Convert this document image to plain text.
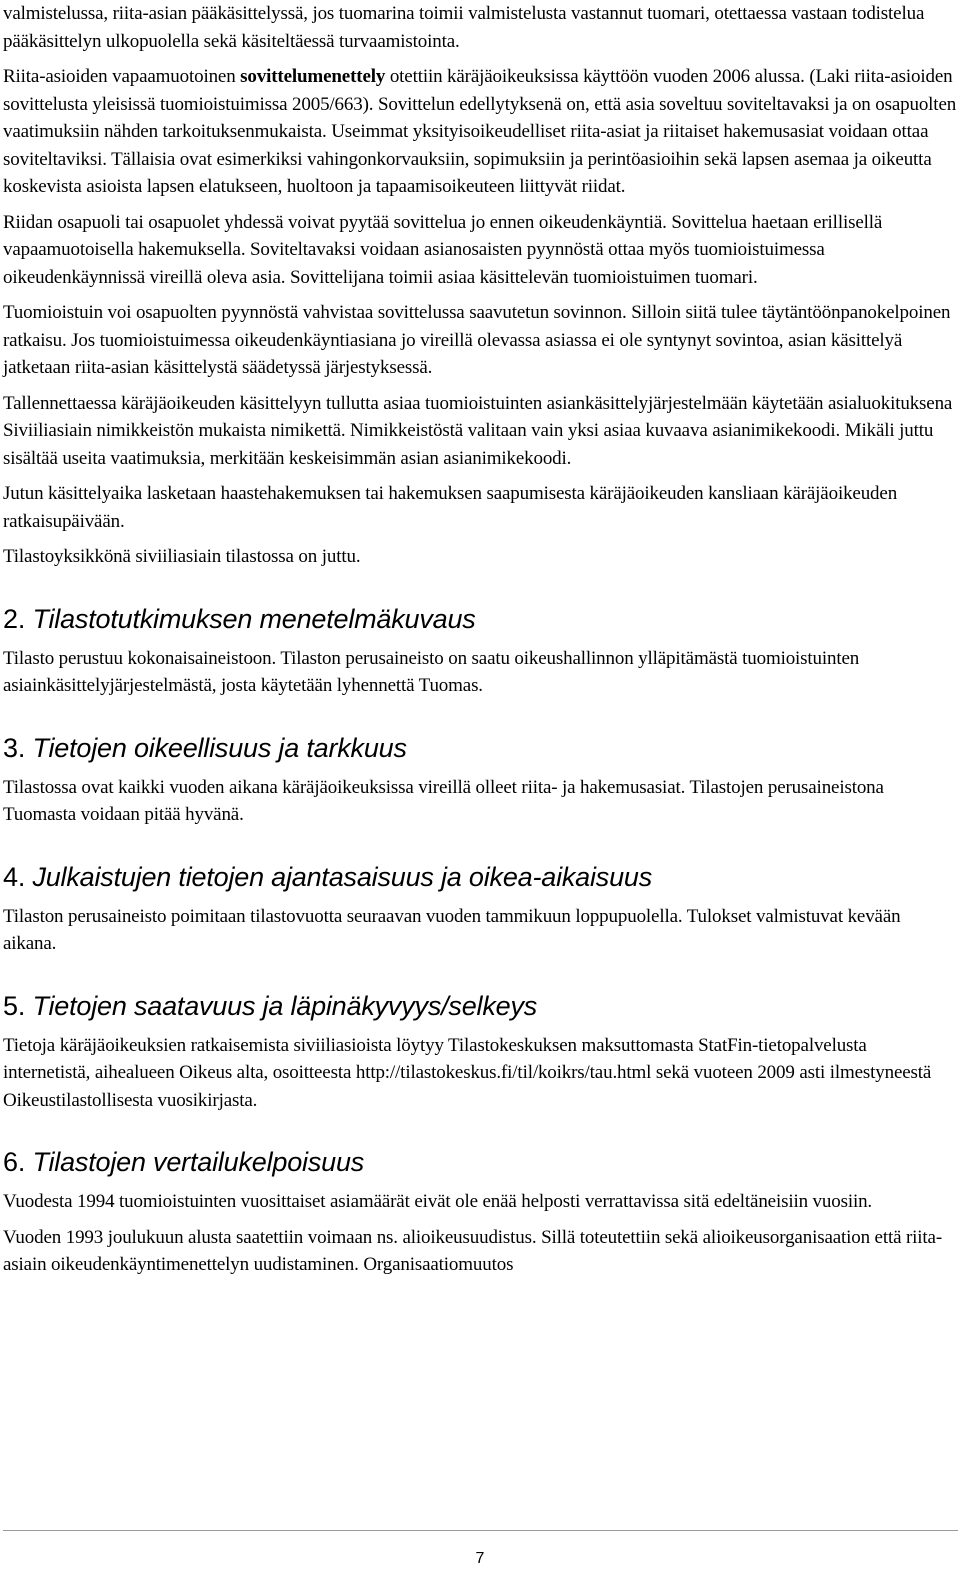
valmistelussa, riita-asian pääkäsittelyssä, jos tuomarina toimii valmistelusta vastannut tuomari, otettaessa vastaan todistelua pääkäsittelyn ulkopuolella sekä käsiteltäessä turvaamistointa.

Riita-asioiden vapaamuotoinen sovittelumenettely otettiin käräjäoikeuksissa käyttöön vuoden 2006 alussa. (Laki riita-asioiden sovittelusta yleisissä tuomioistuimissa 2005/663). Sovittelun edellytyksenä on, että asia soveltuu soviteltavaksi ja on osapuolten vaatimuksiin nähden tarkoituksenmukaista. Useimmat yksityisoikeudelliset riita-asiat ja riitaiset hakemusasiat voidaan ottaa soviteltaviksi. Tällaisia ovat esimerkiksi vahingonkorvauksiin, sopimuksiin ja perintöasioihin sekä lapsen asemaa ja oikeutta koskevista asioista lapsen elatukseen, huoltoon ja tapaamisoikeuteen liittyvät riidat.

Riidan osapuoli tai osapuolet yhdessä voivat pyytää sovittelua jo ennen oikeudenkäyntiä. Sovittelua haetaan erillisellä vapaamuotoisella hakemuksella. Soviteltavaksi voidaan asianosaisten pyynnöstä ottaa myös tuomioistuimessa oikeudenkäynnissä vireillä oleva asia. Sovittelijana toimii asiaa käsittelevän tuomioistuimen tuomari.

Tuomioistuin voi osapuolten pyynnöstä vahvistaa sovittelussa saavutetun sovinnon. Silloin siitä tulee täytäntöönpanokelpoinen ratkaisu. Jos tuomioistuimessa oikeudenkäyntiasiana jo vireillä olevassa asiassa ei ole syntynyt sovintoa, asian käsittelyä jatketaan riita-asian käsittelystä säädetyssä järjestyksessä.

Tallennettaessa käräjäoikeuden käsittelyyn tullutta asiaa tuomioistuinten asiankäsittelyjärjestelmään käytetään asialuokituksena Siviiliasiain nimikkeistön mukaista nimikettä. Nimikkeistöstä valitaan vain yksi asiaa kuvaava asianimikekoodi. Mikäli juttu sisältää useita vaatimuksia, merkitään keskeisimmän asian asianimikekoodi.

Jutun käsittelyaika lasketaan haastehakemuksen tai hakemuksen saapumisesta käräjäoikeuden kansliaan käräjäoikeuden ratkaisupäivään.

Tilastoyksikkönä siviiliasiain tilastossa on juttu.

2. Tilastotutkimuksen menetelmäkuvaus

Tilasto perustuu kokonaisaineistoon. Tilaston perusaineisto on saatu oikeushallinnon ylläpitämästä tuomioistuinten asiainkäsittelyjärjestelmästä, josta käytetään lyhennettä Tuomas.

3. Tietojen oikeellisuus ja tarkkuus

Tilastossa ovat kaikki vuoden aikana käräjäoikeuksissa vireillä olleet riita- ja hakemusasiat. Tilastojen perusaineistona Tuomasta voidaan pitää hyvänä.

4. Julkaistujen tietojen ajantasaisuus ja oikea-aikaisuus

Tilaston perusaineisto poimitaan tilastovuotta seuraavan vuoden tammikuun loppupuolella. Tulokset valmistuvat kevään aikana.

5. Tietojen saatavuus ja läpinäkyvyys/selkeys

Tietoja käräjäoikeuksien ratkaisemista siviiliasioista löytyy Tilastokeskuksen maksuttomasta StatFin-tietopalvelusta internetistä, aihealueen Oikeus alta, osoitteesta http://tilastokeskus.fi/til/koikrs/tau.html sekä vuoteen 2009 asti ilmestyneestä Oikeustilastollisesta vuosikirjasta.

6. Tilastojen vertailukelpoisuus

Vuodesta 1994 tuomioistuinten vuosittaiset asiamäärät eivät ole enää helposti verrattavissa sitä edeltäneisiin vuosiin.

Vuoden 1993 joulukuun alusta saatettiin voimaan ns. alioikeusuudistus. Sillä toteutettiin sekä alioikeusorganisaation että riita-asiain oikeudenkäyntimenettelyn uudistaminen. Organisaatiomuutos

7
